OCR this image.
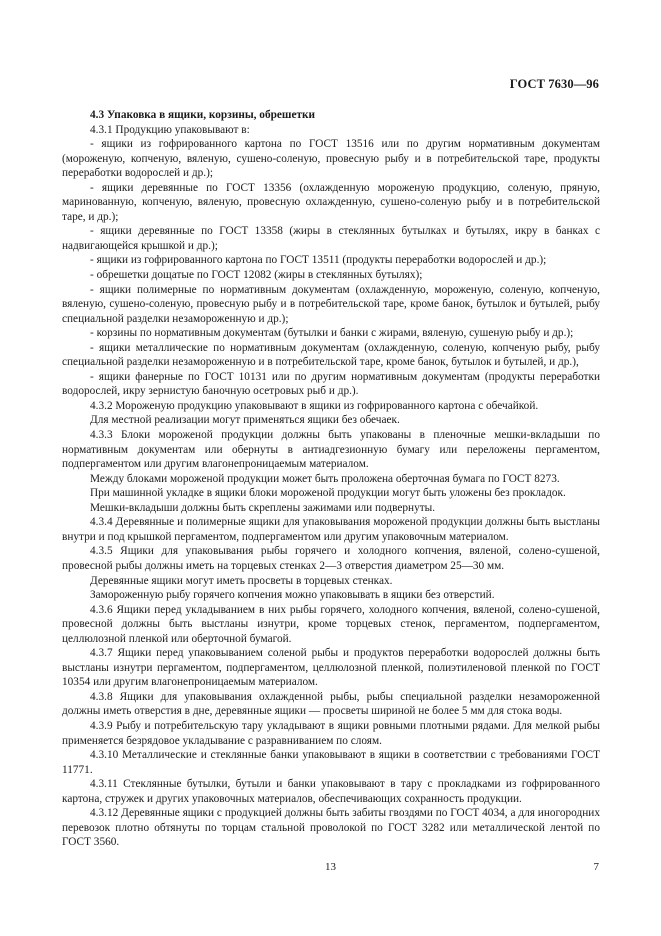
ГОСТ 7630—96

4.3 Упаковка в ящики, корзины, обрешетки

4.3.1 Продукцию упаковывают в:

- ящики из гофрированного картона по ГОСТ 13516 или по другим нормативным документам (мороженую, копченую, вяленую, сушено-соленую, провесную рыбу и в потребительской таре, продукты переработки водорослей и др.);

- ящики деревянные по ГОСТ 13356 (охлажденную мороженую продукцию, соленую, пряную, маринованную, копченую, вяленую, провесную охлажденную, сушено-соленую рыбу и в потребительской таре, и др.);

- ящики деревянные по ГОСТ 13358 (жиры в стеклянных бутылках и бутылях, икру в банках с надвигающейся крышкой и др.);

- ящики из гофрированного картона по ГОСТ 13511 (продукты переработки водорослей и др.);

- обрешетки дощатые по ГОСТ 12082 (жиры в стеклянных бутылях);

- ящики полимерные по нормативным документам (охлажденную, мороженую, соленую, копченую, вяленую, сушено-соленую, провесную рыбу и в потребительской таре, кроме банок, бутылок и бутылей, рыбу специальной разделки незамороженную и др.);

- корзины по нормативным документам (бутылки и банки с жирами, вяленую, сушеную рыбу и др.);

- ящики металлические по нормативным документам (охлажденную, соленую, копченую рыбу, рыбу специальной разделки незамороженную и в потребительской таре, кроме банок, бутылок и бутылей, и др.),

- ящики фанерные по ГОСТ 10131 или по другим нормативным документам (продукты переработки водорослей, икру зернистую баночную осетровых рыб и др.).

4.3.2 Мороженую продукцию упаковывают в ящики из гофрированного картона с обечайкой.

Для местной реализации могут применяться ящики без обечаек.

4.3.3 Блоки мороженой продукции должны быть упакованы в пленочные мешки-вкладыши по нормативным документам или обернуты в антиадгезионную бумагу или переложены пергаментом, подпергаментом или другим влагонепроницаемым материалом.

Между блоками мороженой продукции может быть проложена оберточная бумага по ГОСТ 8273.

При машинной укладке в ящики блоки мороженой продукции могут быть уложены без прокладок.

Мешки-вкладыши должны быть скреплены зажимами или подвернуты.

4.3.4 Деревянные и полимерные ящики для упаковывания мороженой продукции должны быть выстланы внутри и под крышкой пергаментом, подпергаментом или другим упаковочным материалом.

4.3.5 Ящики для упаковывания рыбы горячего и холодного копчения, вяленой, солено-сушеной, провесной рыбы должны иметь на торцевых стенках 2—3 отверстия диаметром 25—30 мм.

Деревянные ящики могут иметь просветы в торцевых стенках.

Замороженную рыбу горячего копчения можно упаковывать в ящики без отверстий.

4.3.6 Ящики перед укладыванием в них рыбы горячего, холодного копчения, вяленой, солено-сушеной, провесной должны быть выстланы изнутри, кроме торцевых стенок, пергаментом, подпергаментом, целлюлозной пленкой или оберточной бумагой.

4.3.7 Ящики перед упаковыванием соленой рыбы и продуктов переработки водорослей должны быть выстланы изнутри пергаментом, подпергаментом, целлюлозной пленкой, полиэтиленовой пленкой по ГОСТ 10354 или другим влагонепроницаемым материалом.

4.3.8 Ящики для упаковывания охлажденной рыбы, рыбы специальной разделки незамороженной должны иметь отверстия в дне, деревянные ящики — просветы шириной не более 5 мм для стока воды.

4.3.9 Рыбу и потребительскую тару укладывают в ящики ровными плотными рядами. Для мелкой рыбы применяется безрядовое укладывание с разравниванием по слоям.

4.3.10 Металлические и стеклянные банки упаковывают в ящики в соответствии с требованиями ГОСТ 11771.

4.3.11 Стеклянные бутылки, бутыли и банки упаковывают в тару с прокладками из гофрированного картона, стружек и других упаковочных материалов, обеспечивающих сохранность продукции.

4.3.12 Деревянные ящики с продукцией должны быть забиты гвоздями по ГОСТ 4034, а для иногородних перевозок плотно обтянуты по торцам стальной проволокой по ГОСТ 3282 или металлической лентой по ГОСТ 3560.

13	7
